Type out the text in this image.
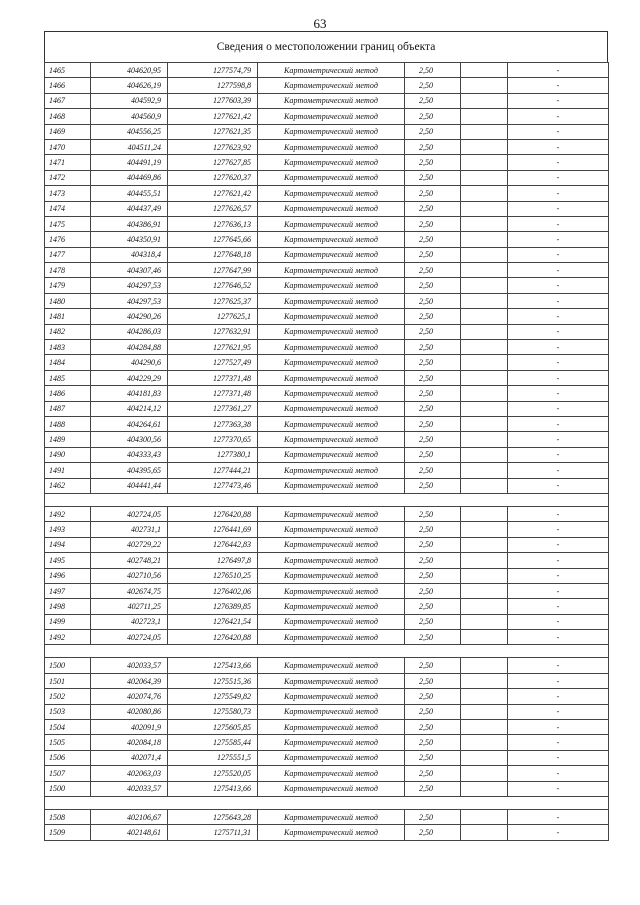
63
Сведения о местоположении границ объекта
1465	404620,95	1277574,79	Картометрический метод	2,50		-
1466	404626,19	1277598,8	Картометрический метод	2,50		-
1467	404592,9	1277603,39	Картометрический метод	2,50		-
1468	404560,9	1277621,42	Картометрический метод	2,50		-
1469	404556,25	1277621,35	Картометрический метод	2,50		-
1470	404511,24	1277623,92	Картометрический метод	2,50		-
1471	404491,19	1277627,85	Картометрический метод	2,50		-
1472	404469,86	1277620,37	Картометрический метод	2,50		-
1473	404455,51	1277621,42	Картометрический метод	2,50		-
1474	404437,49	1277626,57	Картометрический метод	2,50		-
1475	404386,91	1277636,13	Картометрический метод	2,50		-
1476	404350,91	1277645,66	Картометрический метод	2,50		-
1477	404318,4	1277648,18	Картометрический метод	2,50		-
1478	404307,46	1277647,99	Картометрический метод	2,50		-
1479	404297,53	1277646,52	Картометрический метод	2,50		-
1480	404297,53	1277625,37	Картометрический метод	2,50		-
1481	404290,26	1277625,1	Картометрический метод	2,50		-
1482	404286,03	1277632,91	Картометрический метод	2,50		-
1483	404284,88	1277621,95	Картометрический метод	2,50		-
1484	404290,6	1277527,49	Картометрический метод	2,50		-
1485	404229,29	1277371,48	Картометрический метод	2,50		-
1486	404181,83	1277371,48	Картометрический метод	2,50		-
1487	404214,12	1277361,27	Картометрический метод	2,50		-
1488	404264,61	1277363,38	Картометрический метод	2,50		-
1489	404300,56	1277370,65	Картометрический метод	2,50		-
1490	404333,43	1277380,1	Картометрический метод	2,50		-
1491	404395,65	1277444,21	Картометрический метод	2,50		-
1462	404441,44	1277473,46	Картометрический метод	2,50		-

1492	402724,05	1276420,88	Картометрический метод	2,50		-
1493	402731,1	1276441,69	Картометрический метод	2,50		-
1494	402729,22	1276442,83	Картометрический метод	2,50		-
1495	402748,21	1276497,8	Картометрический метод	2,50		-
1496	402710,56	1276510,25	Картометрический метод	2,50		-
1497	402674,75	1276402,06	Картометрический метод	2,50		-
1498	402711,25	1276389,85	Картометрический метод	2,50		-
1499	402723,1	1276421,54	Картометрический метод	2,50		-
1492	402724,05	1276420,88	Картометрический метод	2,50		-

1500	402033,57	1275413,66	Картометрический метод	2,50		-
1501	402064,39	1275515,36	Картометрический метод	2,50		-
1502	402074,76	1275549,82	Картометрический метод	2,50		-
1503	402080,86	1275580,73	Картометрический метод	2,50		-
1504	402091,9	1275605,85	Картометрический метод	2,50		-
1505	402084,18	1275585,44	Картометрический метод	2,50		-
1506	402071,4	1275551,5	Картометрический метод	2,50		-
1507	402063,03	1275520,05	Картометрический метод	2,50		-
1500	402033,57	1275413,66	Картометрический метод	2,50		-

1508	402106,67	1275643,28	Картометрический метод	2,50		-
1509	402148,61	1275711,31	Картометрический метод	2,50		-
